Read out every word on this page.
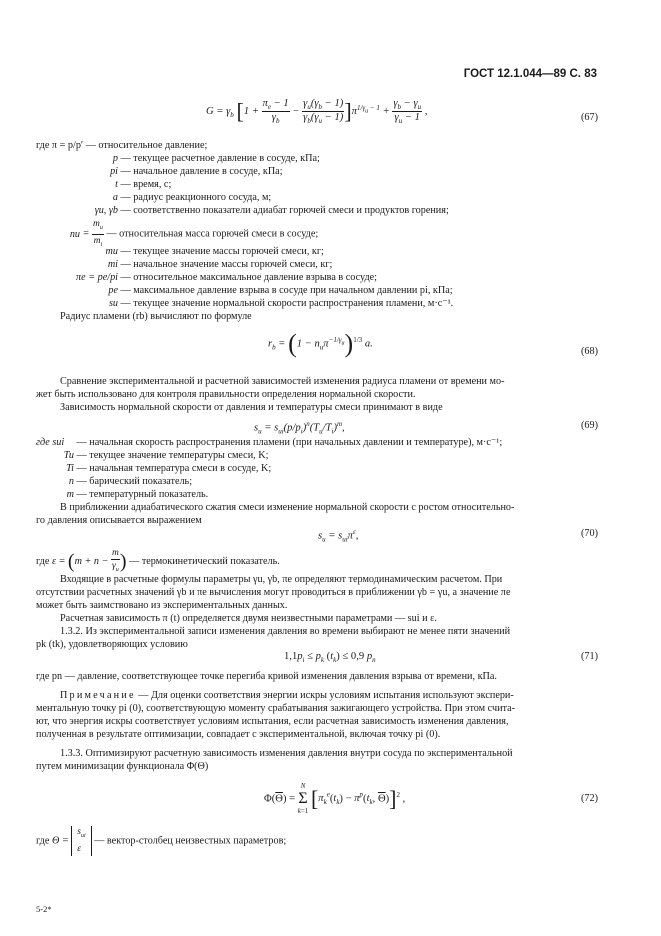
ГОСТ 12.1.044—89 С. 83
$G = \gamma_b$ $[1 + \frac{\pi_e - 1}{\gamma_b} - \frac{\gamma_u(\gamma_b - 1)}{\gamma_b(\gamma_u - 1)} ]\pi^{1/\gamma_u - 1} + \frac{\gamma_b - \gamma_u}{\gamma_u - 1}$ ,
(67)
где π = p/p′ — относительное давление;
p — текущее расчетное давление в сосуде, кПа;
pi — начальное давление в сосуде, кПа;
t — время, с;
a — радиус реакционного сосуда, м;
γu, γb — соответственно показатели адиабат горючей смеси и продуктов горения;
nu = $\frac{m_u}{m_i}$ — относительная масса горючей смеси в сосуде;
mu — текущее значение массы горючей смеси, кг;
mi — начальное значение массы горючей смеси, кг;
πe = pe/pi — относительное максимальное давление взрыва в сосуде;
pe — максимальное давление взрыва в сосуде при начальном давлении pi, кПа;
su — текущее значение нормальной скорости распространения пламени, м·с⁻¹.
Радиус пламени (rb) вычисляют по формуле
$r_b = (1 - n_u\pi^{-1/\gamma_u})^{1/3}$ a.
(68)
Сравнение экспериментальной и расчетной зависимостей изменения радиуса пламени от времени мо-
жет быть использовано для контроля правильности определения нормальной скорости.
Зависимость нормальной скорости от давления и температуры смеси принимают в виде
$s_u = s_{ui}(p/p_i)^n(T_u/T_i)^m$,	(69)
где sui — начальная скорость распространения пламени (при начальных давлении и температуре), м·с⁻¹;
Tu — текущее значение температуры смеси, K;
Ti — начальная температура смеси в сосуде, K;
n — барический показатель;
m — температурный показатель.
В приближении адиабатического сжатия смеси изменение нормальной скорости с ростом относительно-
го давления описывается выражением
$s_u = s_{ui}\pi^\varepsilon$,	(70)
где $\varepsilon = (m + n - \frac{m}{\gamma_u}$ ) — термокинетический показатель.
Входящие в расчетные формулы параметры γu, γb, πe определяют термодинамическим расчетом. При
отсутствии расчетных значений γb и πe вычисления могут проводиться в приближении γb = γu, а значение πe
может быть заимствовано из экспериментальных данных.
Расчетная зависимость π (t) определяется двумя неизвестными параметрами — sui и ε.
1.3.2. Из экспериментальной записи изменения давления во времени выбирают не менее пяти значений
pk (tk), удовлетворяющих условию
$1,1p_i \le p_k$ $(t_k) \le 0,9$ $p_n$	(71)
где pn — давление, соответствующее точке перегиба кривой изменения давления взрыва от времени, кПа.
Примечание — Для оценки соответствия энергии искры условиям испытания используют экспери-
ментальную точку pi (0), соответствующую моменту срабатывания зажигающего устройства. При этом счита-
ют, что энергия искры соответствует условиям испытания, если расчетная зависимость изменения давления,
полученная в результате оптимизации, совпадает с экспериментальной, включая точку pi (0).
1.3.3. Оптимизируют расчетную зависимость изменения давления внутри сосуда по экспериментальной
путем минимизации функционала Φ(Θ)
$\Phi(\overline{\Theta}) = N$
Σ
k=1 [$\pi_k^e(t_k) - \pi^p(t_k$, $\overline{\Theta})]^2$ ,	(72)
где $\Theta = s_{ui}$
ε — вектор-столбец неизвестных параметров;
5-2*
